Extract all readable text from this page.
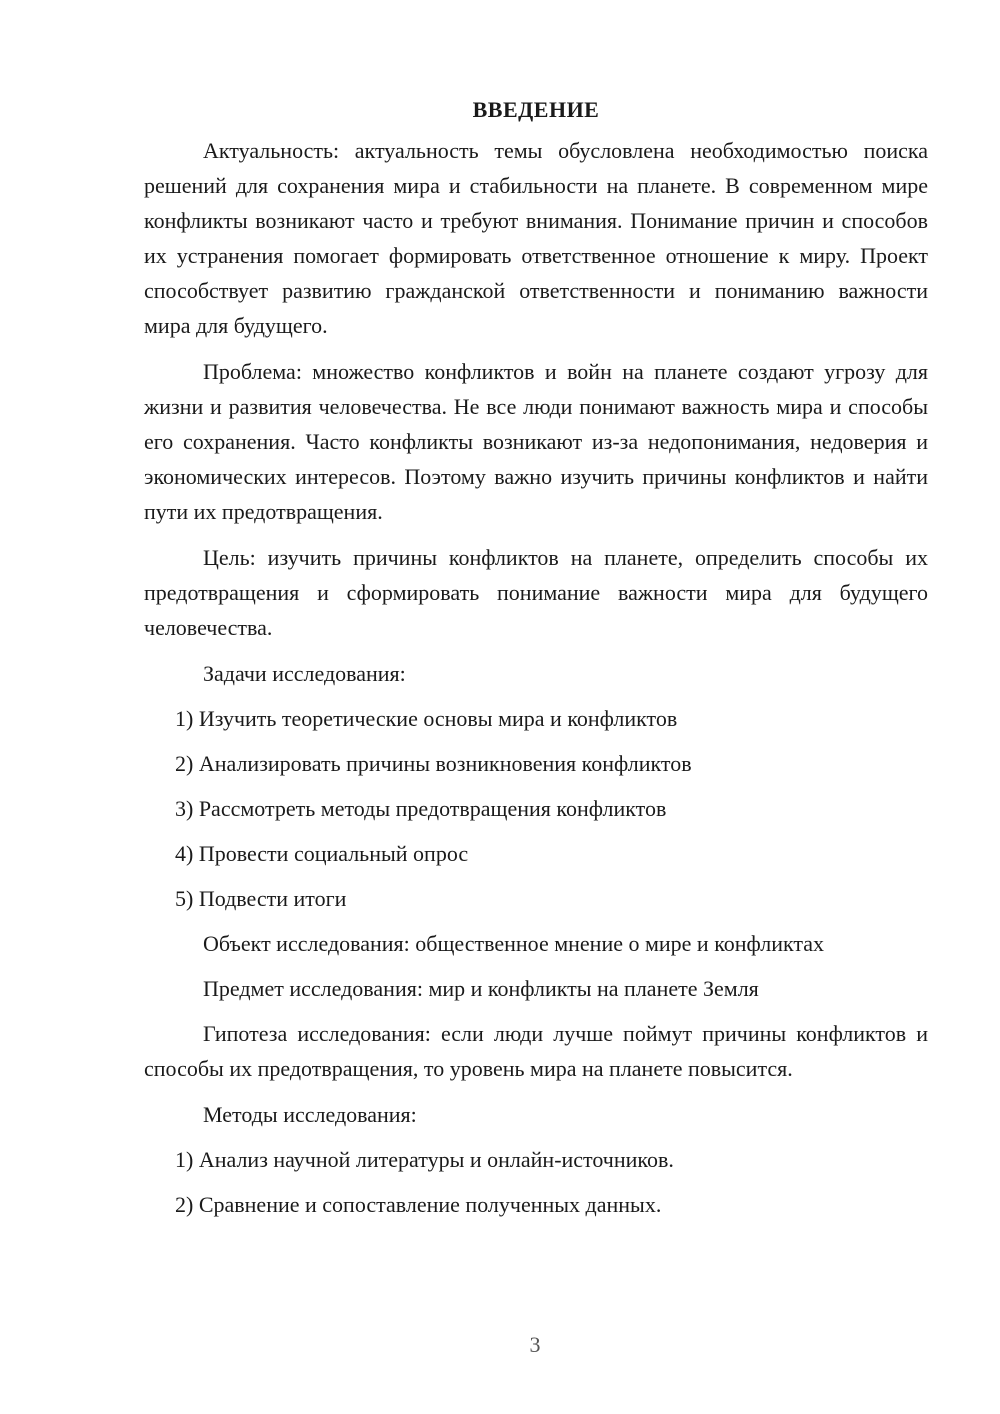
ВВЕДЕНИЕ

Актуальность: актуальность темы обусловлена необходимостью поиска решений для сохранения мира и стабильности на планете. В современном мире конфликты возникают часто и требуют внимания. Понимание причин и способов их устранения помогает формировать ответственное отношение к миру. Проект способствует развитию гражданской ответственности и пониманию важности мира для будущего.

Проблема: множество конфликтов и войн на планете создают угрозу для жизни и развития человечества. Не все люди понимают важность мира и способы его сохранения. Часто конфликты возникают из-за недопонимания, недоверия и экономических интересов. Поэтому важно изучить причины конфликтов и найти пути их предотвращения.

Цель: изучить причины конфликтов на планете, определить способы их предотвращения и сформировать понимание важности мира для будущего человечества.

Задачи исследования:
1) Изучить теоретические основы мира и конфликтов
2) Анализировать причины возникновения конфликтов
3) Рассмотреть методы предотвращения конфликтов
4) Провести социальный опрос
5) Подвести итоги
Объект исследования: общественное мнение о мире и конфликтах
Предмет исследования: мир и конфликты на планете Земля

Гипотеза исследования: если люди лучше поймут причины конфликтов и способы их предотвращения, то уровень мира на планете повысится.

Методы исследования:
1) Анализ научной литературы и онлайн-источников.
2) Сравнение и сопоставление полученных данных.
3
